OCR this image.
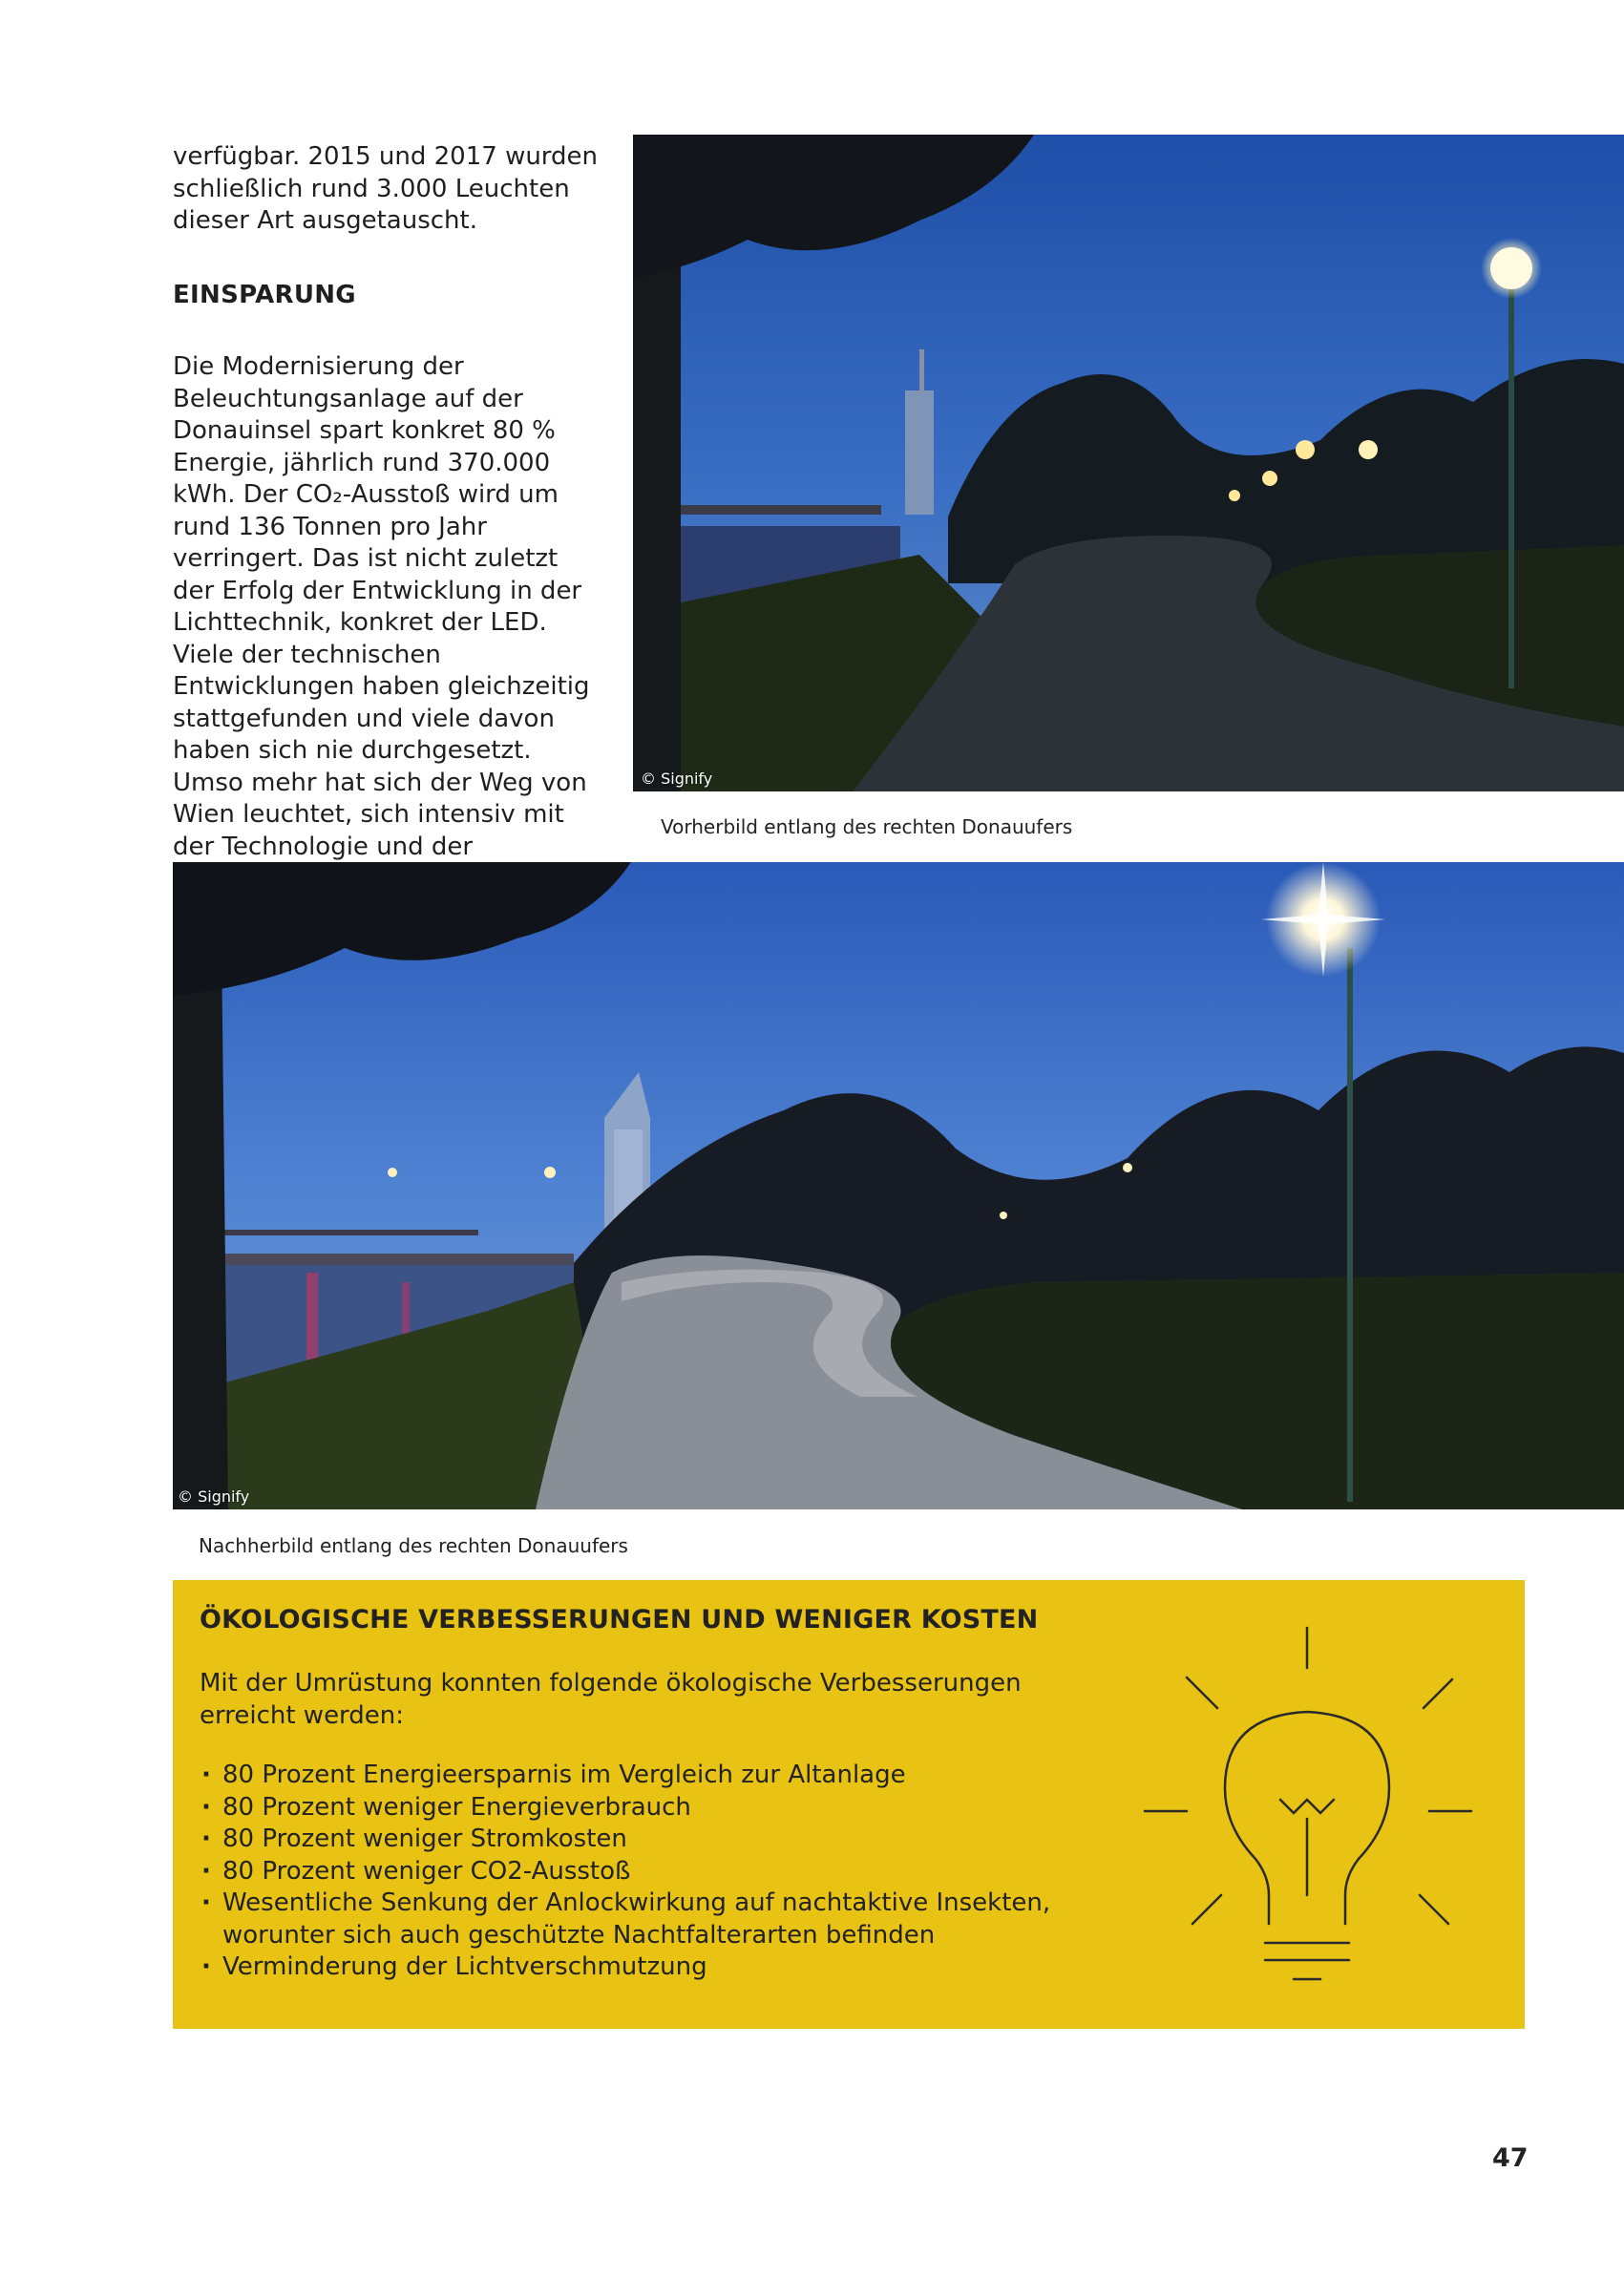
verfügbar. 2015 und 2017 wurden schließlich rund 3.000 Leuchten dieser Art ausgetauscht.

EINSPARUNG

Die Modernisierung der Beleuchtungsanlage auf der Donauinsel spart konkret 80 % Energie, jährlich rund 370.000 kWh. Der CO₂-Ausstoß wird um rund 136 Tonnen pro Jahr verringert. Das ist nicht zuletzt der Erfolg der Entwicklung in der Lichttechnik, konkret der LED. Viele der technischen Entwicklungen haben gleichzeitig stattgefunden und viele davon haben sich nie durchgesetzt. Umso mehr hat sich der Weg von Wien leuchtet, sich intensiv mit der Technologie und der

© Signify
Vorherbild entlang des rechten Donauufers
© Signify
Nachherbild entlang des rechten Donauufers
ÖKOLOGISCHE VERBESSERUNGEN UND WENIGER KOSTEN
Mit der Umrüstung konnten folgende ökologische Verbesserungen erreicht werden:
· 80 Prozent Energieersparnis im Vergleich zur Altanlage
· 80 Prozent weniger Energieverbrauch
· 80 Prozent weniger Stromkosten
· 80 Prozent weniger CO2-Ausstoß
· Wesentliche Senkung der Anlockwirkung auf nachtaktive Insekten, worunter sich auch geschützte Nachtfalterarten befinden
· Verminderung der Lichtverschmutzung
47
